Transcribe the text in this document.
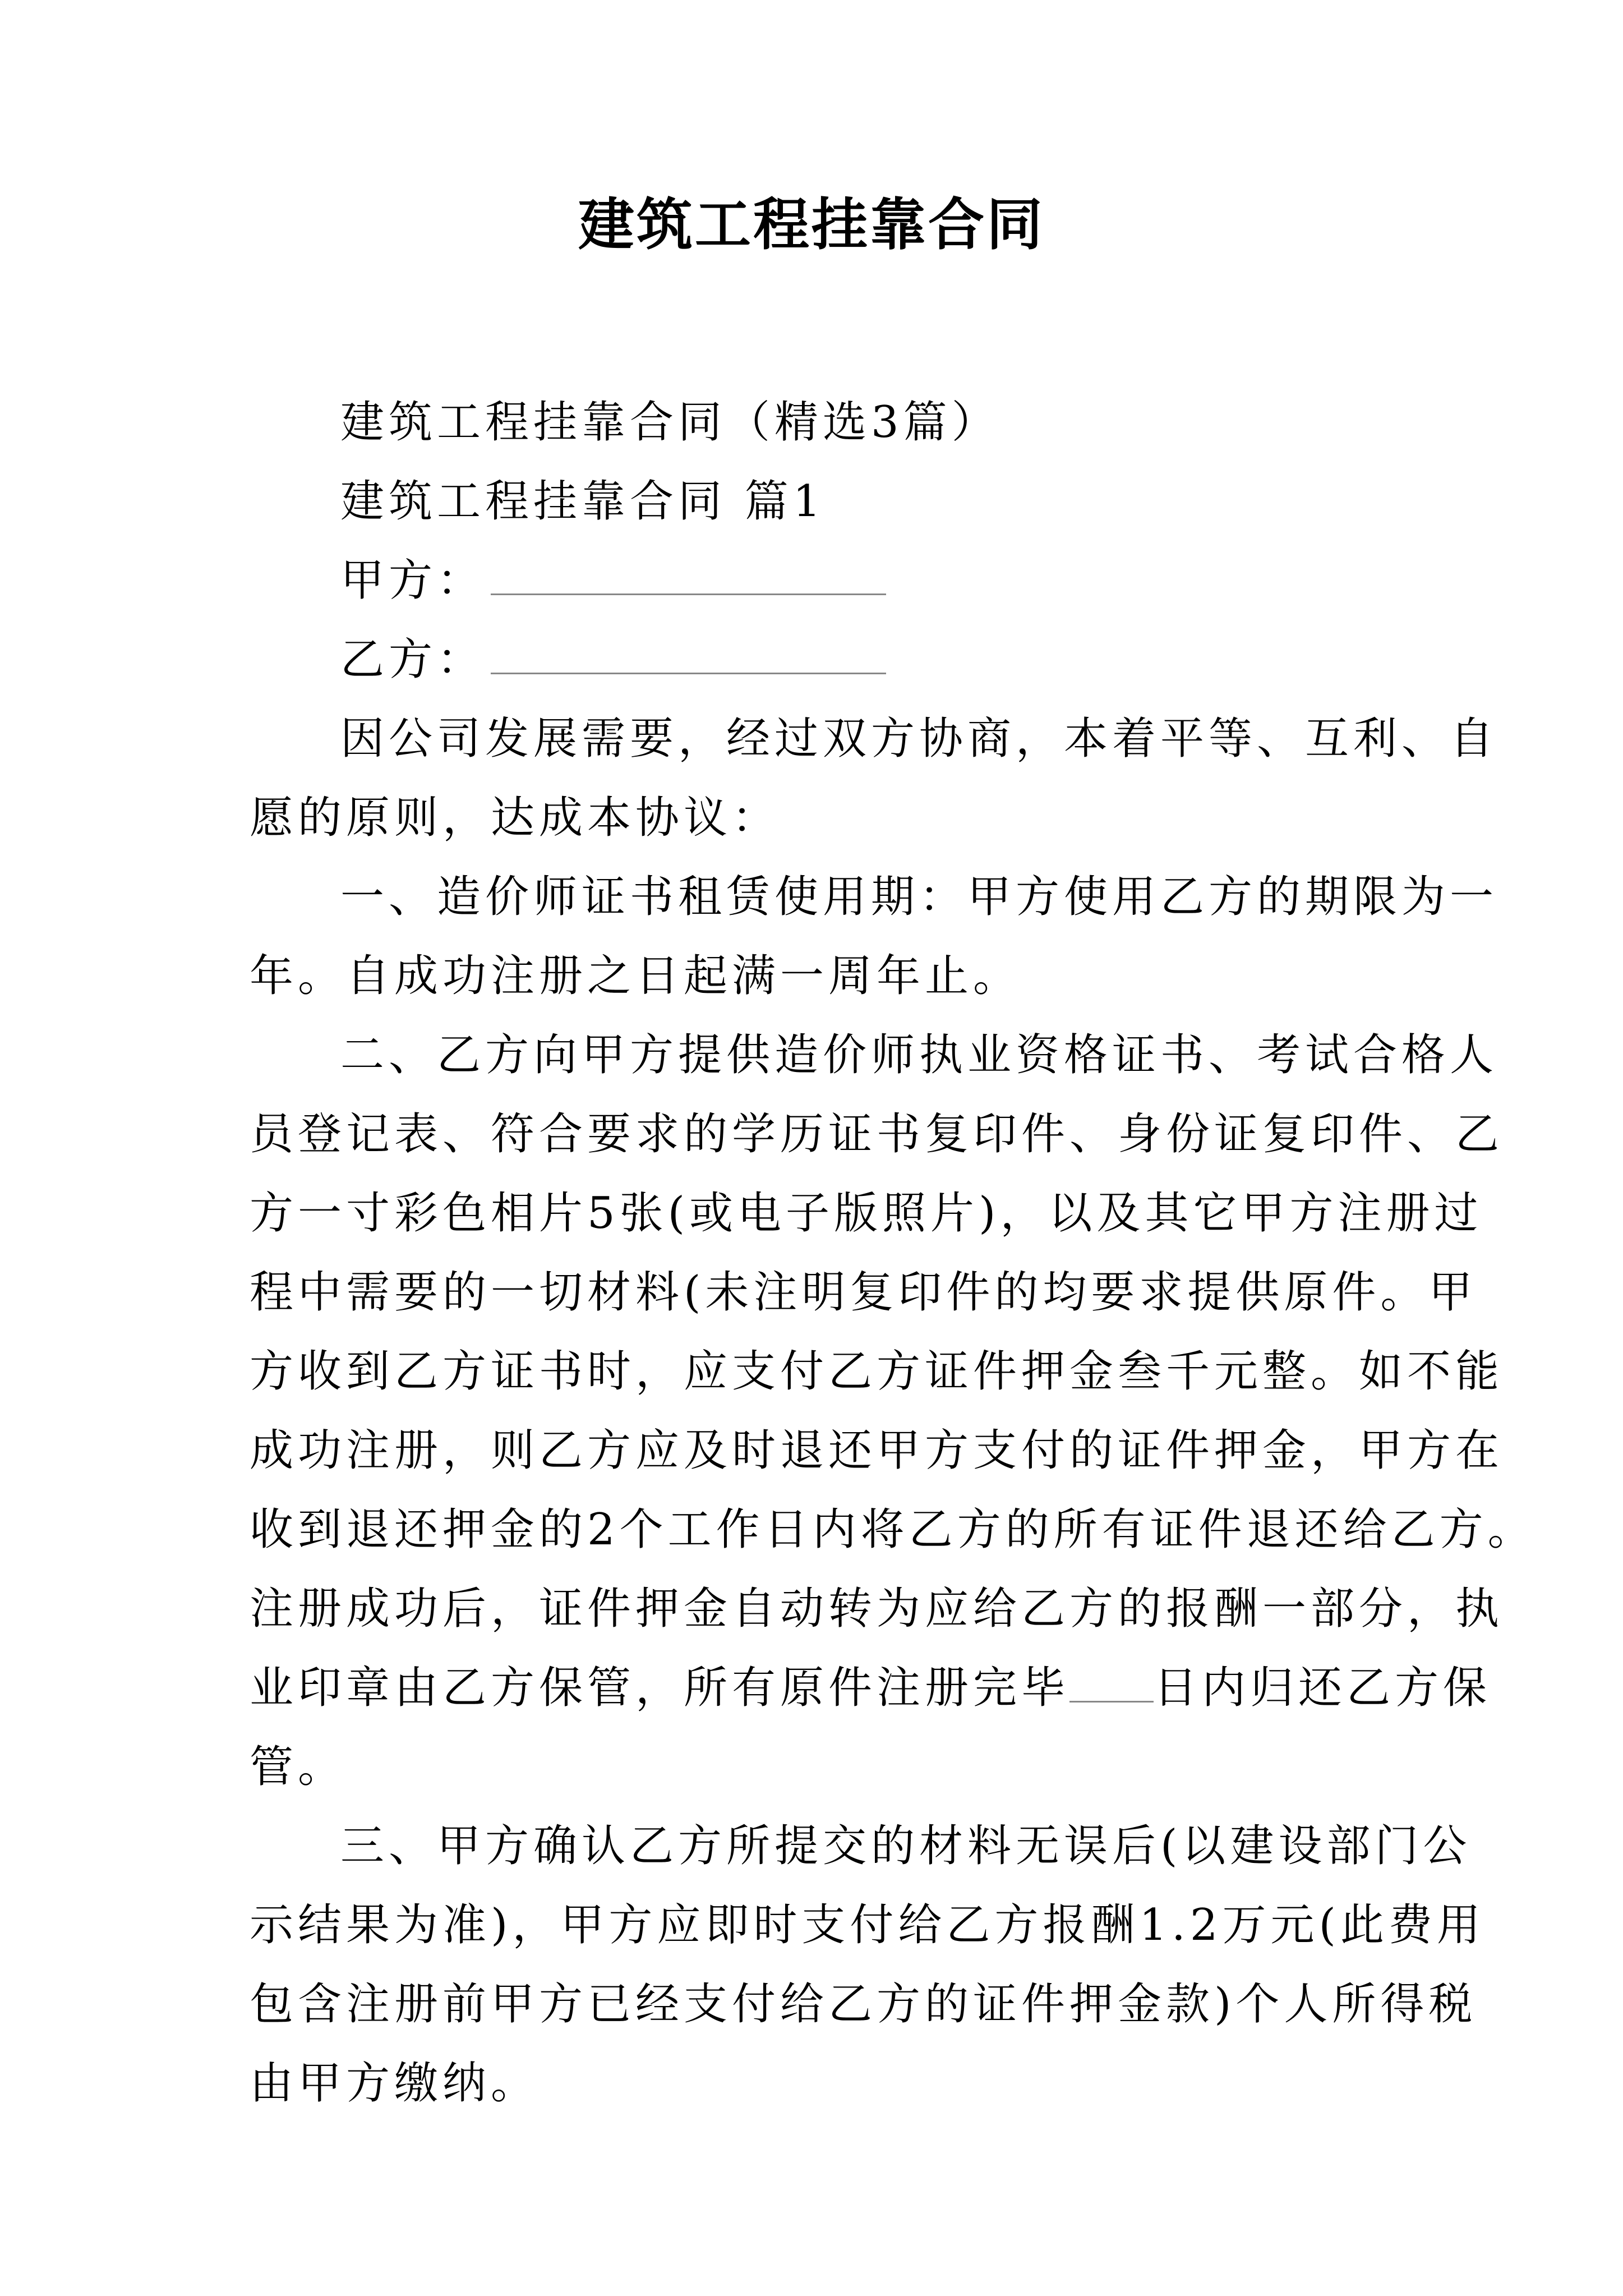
建筑工程挂靠合同

建筑工程挂靠合同（精选3篇）

建筑工程挂靠合同 篇1

甲方：

乙方：

因公司发展需要，经过双方协商，本着平等、互利、自

愿的原则，达成本协议：

一、造价师证书租赁使用期：甲方使用乙方的期限为一

年。自成功注册之日起满一周年止。

二、乙方向甲方提供造价师执业资格证书、考试合格人

员登记表、符合要求的学历证书复印件、身份证复印件、乙

方一寸彩色相片5张(或电子版照片)，以及其它甲方注册过

程中需要的一切材料(未注明复印件的均要求提供原件。甲

方收到乙方证书时，应支付乙方证件押金叁千元整。如不能

成功注册，则乙方应及时退还甲方支付的证件押金，甲方在

收到退还押金的2个工作日内将乙方的所有证件退还给乙方。

注册成功后，证件押金自动转为应给乙方的报酬一部分，执

业印章由乙方保管，所有原件注册完毕 日内归还乙方保

管。

三、甲方确认乙方所提交的材料无误后(以建设部门公

示结果为准)，甲方应即时支付给乙方报酬1.2万元(此费用

包含注册前甲方已经支付给乙方的证件押金款)个人所得税

由甲方缴纳。
